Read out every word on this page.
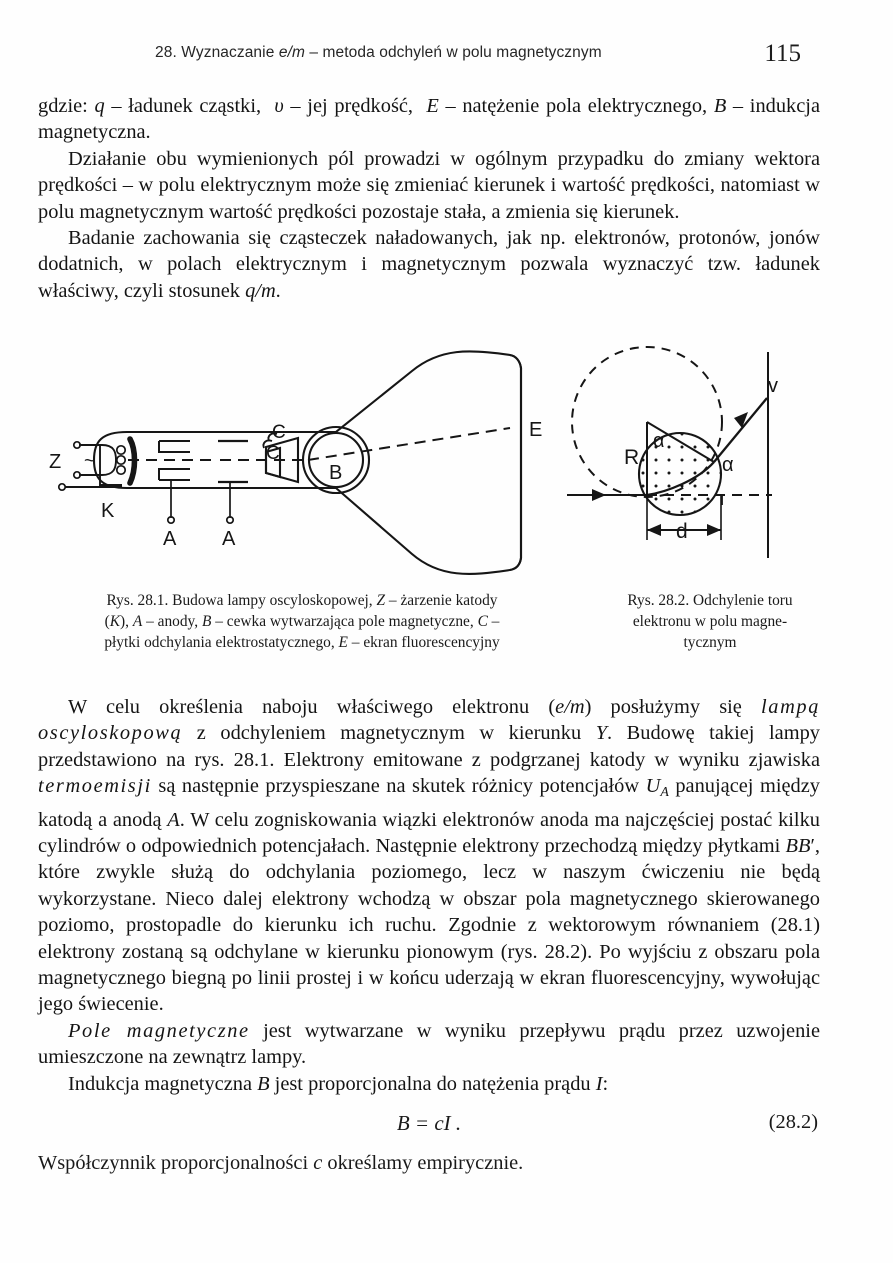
28. Wyznaczanie e/m – metoda odchyleń w polu magnetycznym	115

gdzie: q – ładunek cząstki,  υ – jej prędkość,  E – natężenie pola elektrycznego, B – indukcja magnetyczna.

Działanie obu wymienionych pól prowadzi w ogólnym przypadku do zmiany wektora prędkości – w polu elektrycznym może się zmieniać kierunek i wartość prędkości, natomiast w polu magnetycznym wartość prędkości pozostaje stała, a zmienia się kierunek.

Badanie zachowania się cząsteczek naładowanych, jak np. elektronów, protonów, jonów dodatnich, w polach elektrycznym i magnetycznym pozwala wyznaczyć tzw. ładunek właściwy, czyli stosunek q/m.

Z ~
K
A A
C
C
B
E
R
α
α
v
d
Rys. 28.1. Budowa lampy oscyloskopowej, Z – żarzenie katody
(K), A – anody, B – cewka wytwarzająca pole magnetyczne, C –
płytki odchylania elektrostatycznego, E – ekran fluorescencyjny
Rys. 28.2. Odchylenie toru
elektronu w polu magne-
tycznym

W celu określenia naboju właściwego elektronu (e/m) posłużymy się lampą oscyloskopową z odchyleniem magnetycznym w kierunku Y. Budowę takiej lampy przedstawiono na rys. 28.1. Elektrony emitowane z podgrzanej katody w wyniku zjawiska termoemisji są następnie przyspieszane na skutek różnicy potencjałów $U_A$ panującej między katodą a anodą A. W celu zogniskowania wiązki elektronów anoda ma najczęściej postać kilku cylindrów o odpowiednich potencjałach. Następnie elektrony przechodzą między płytkami BB′, które zwykle służą do odchylania poziomego, lecz w naszym ćwiczeniu nie będą wykorzystane. Nieco dalej elektrony wchodzą w obszar pola magnetycznego skierowanego poziomo, prostopadle do kierunku ich ruchu. Zgodnie z wektorowym równaniem (28.1) elektrony zostaną są odchylane w kierunku pionowym (rys. 28.2). Po wyjściu z obszaru pola magnetycznego biegną po linii prostej i w końcu uderzają w ekran fluorescencyjny, wywołując jego świecenie.

Pole magnetyczne jest wytwarzane w wyniku przepływu prądu przez uzwojenie umieszczone na zewnątrz lampy.

Indukcja magnetyczna B jest proporcjonalna do natężenia prądu I:

B = cI .	(28.2)
Współczynnik proporcjonalności c określamy empirycznie.
